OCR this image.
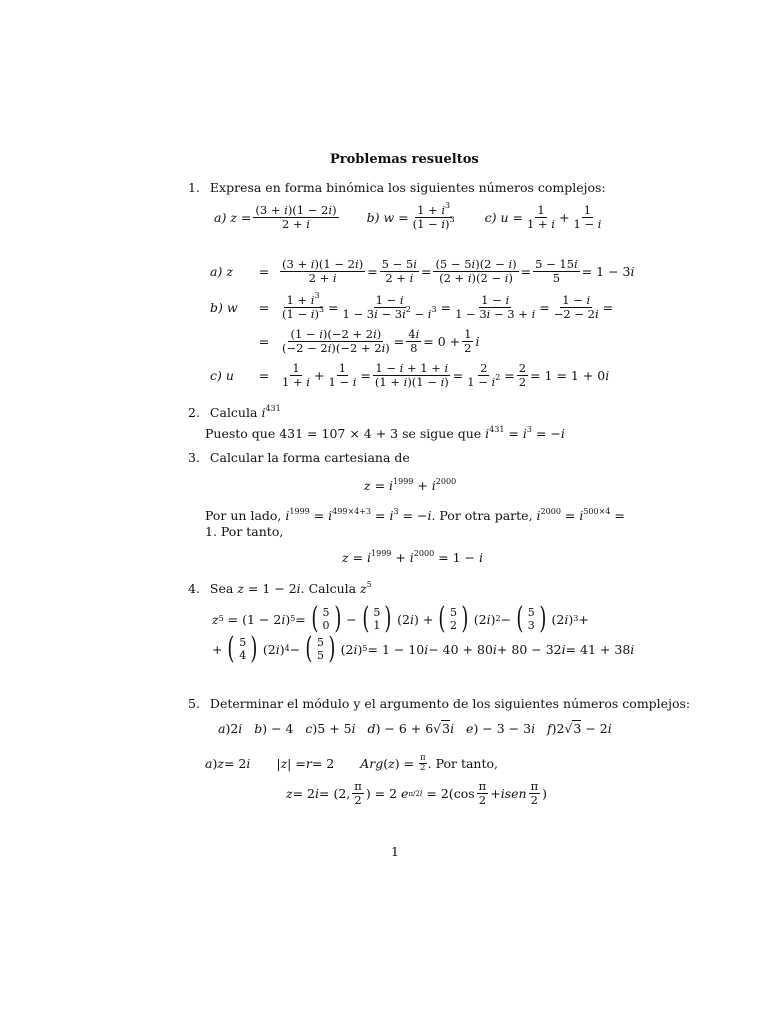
Problemas resueltos
1. Expresa en forma binómica los siguientes números complejos:
a)
$z = \frac{(3 + i)(1 - 2i)}{2 + i} b$)
$w = \frac{1 + i^3}{(1 - i)^3} c$)
$u = \frac{1}{1 + i} + \frac{1}{1 - i}$
a) z	= $\frac{(3 + i)(1 - 2i)}{2 + i} = \frac{5 - 5i}{2 + i} = \frac{(5 - 5i)(2 - i)}{(2 + i)(2 - i)} = \frac{5 - 15i}{5} = 1 - 3$ i
b) w	= $\frac{1 + i^3}{(1 - i)^3} = \frac{1 - i}{1 - 3i - 3i^2 - i^3} = \frac{1 - i}{1 - 3i - 3 + i} = \frac{1 - i}{-2 - 2i}$ =
= $\frac{(1 - i)(-2 + 2i)}{(-2 - 2i)(-2 + 2i)} = \frac{4i}{8} = 0 + \frac{1}{2}$ i
c) u	= $\frac{1}{1 + i} + \frac{1}{1 - i} = \frac{1 - i + 1 + i}{(1 + i)(1 - i)} = \frac{2}{1 - i^2} = \frac{2}{2} = 1 = 1 + 0$ i
2. Calcula $i^{431}$
Puesto que 431 = 107 × 4 + 3 se sigue que $i^{431} = i^3 = -i$
3. Calcular la forma cartesiana de
$z = i^{1999} + i^{2000}$
Por un lado, $i^{1999} = i^{499\times 4+3} = i^3 = -i$. Por otra parte, $i^{2000} = i^{500\times 4}$ =
1. Por tanto,
$z = i^{1999} + i^{2000} = 1 - i$
4. Sea z = 1 − 2i. Calcula $z^5$
z 5 = (1 − 2 i ) 5 = ( 5
0 ) − ( 5
1 ) (2 i ) + ( 5
2 ) (2 i ) 2 − ( 5
3 ) (2 i ) 3 +
+ ( 5
4 ) (2 i ) 4 − ( 5
5 ) (2 i ) 5 = 1 − 10 i − 40 + 80 i + 80 − 32 i = 41 + 38 i
5. Determinar el módulo y el argumento de los siguientes números complejos:
a)2i b) − 4   c)5 + 5i d) − 6 + 6√3i e) − 3 − 3i f)2√3 − 2i
a ) z = 2 i | z | = r = 2 Arg ( z ) = π
2 . Por tanto,
z = 2 i = (2, $\frac{\pi}{2}$ ) = 2 e $\pi/2i = 2(\cos \frac{\pi}{2}$ + isen $\frac{\pi}{2}$ )
1
